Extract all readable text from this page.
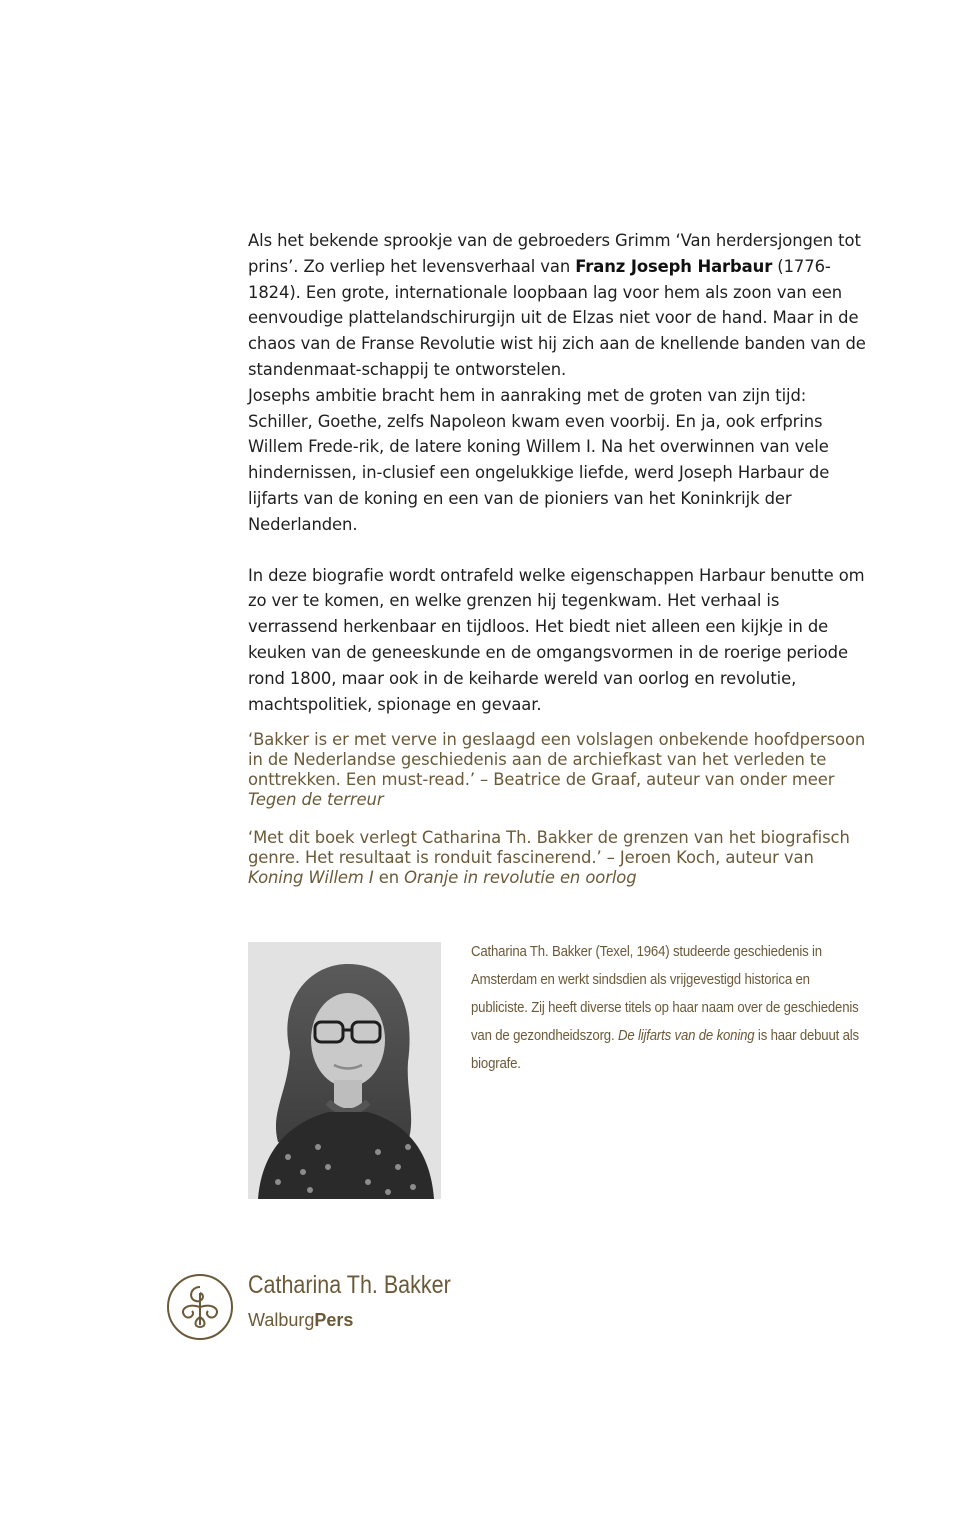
Als het bekende sprookje van de gebroeders Grimm ‘Van herdersjongen tot prins’. Zo verliep het levensverhaal van Franz Joseph Harbaur (1776-1824). Een grote, internationale loopbaan lag voor hem als zoon van een eenvoudige plattelandschirurgijn uit de Elzas niet voor de hand. Maar in de chaos van de Franse Revolutie wist hij zich aan de knellende banden van de standenmaat-schappij te ontworstelen.

Josephs ambitie bracht hem in aanraking met de groten van zijn tijd: Schiller, Goethe, zelfs Napoleon kwam even voorbij. En ja, ook erfprins Willem Frede-rik, de latere koning Willem I. Na het overwinnen van vele hindernissen, in-clusief een ongelukkige liefde, werd Joseph Harbaur de lijfarts van de koning en een van de pioniers van het Koninkrijk der Nederlanden.

In deze biografie wordt ontrafeld welke eigenschappen Harbaur benutte om zo ver te komen, en welke grenzen hij tegenkwam. Het verhaal is verrassend herkenbaar en tijdloos. Het biedt niet alleen een kijkje in de keuken van de geneeskunde en de omgangsvormen in de roerige periode rond 1800, maar ook in de keiharde wereld van oorlog en revolutie, machtspolitiek, spionage en gevaar.

‘Bakker is er met verve in geslaagd een volslagen onbekende hoofdpersoon in de Nederlandse geschiedenis aan de archiefkast van het verleden te onttrekken. Een must-read.’ – Beatrice de Graaf, auteur van onder meer Tegen de terreur

‘Met dit boek verlegt Catharina Th. Bakker de grenzen van het biografisch genre. Het resultaat is ronduit fascinerend.’ – Jeroen Koch, auteur van Koning Willem I en Oranje in revolutie en oorlog

Catharina Th. Bakker (Texel, 1964) studeerde geschiedenis in Amsterdam en werkt sindsdien als vrijgevestigd historica en publiciste. Zij heeft diverse titels op haar naam over de geschiedenis van de gezondheidszorg. De lijfarts van de koning is haar debuut als biografe.
Catharina Th. Bakker
WalburgPers
